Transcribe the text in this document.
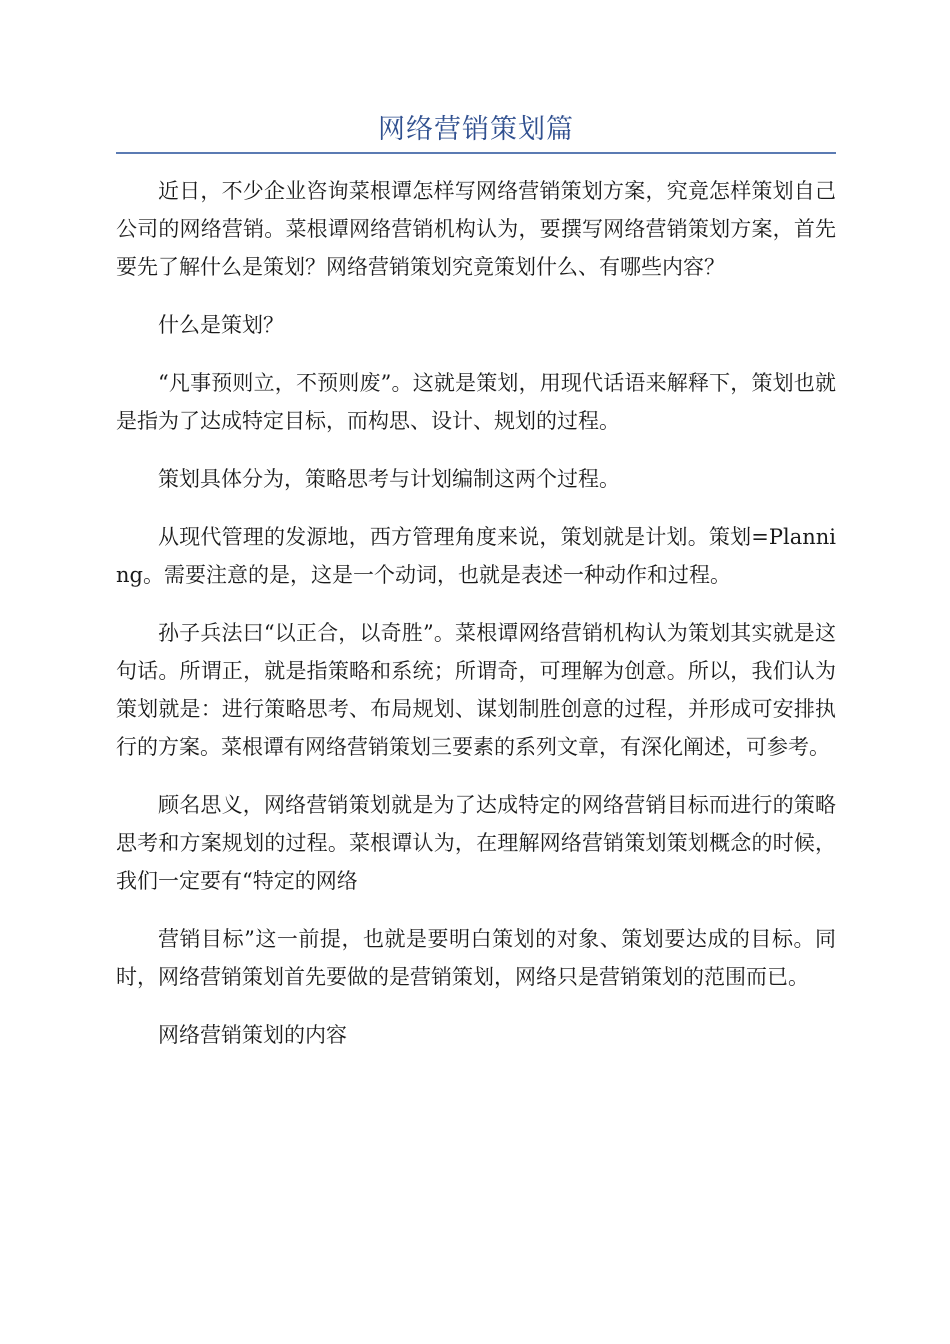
网络营销策划篇

近日，不少企业咨询菜根谭怎样写网络营销策划方案，究竟怎样策划自己公司的网络营销。菜根谭网络营销机构认为，要撰写网络营销策划方案，首先要先了解什么是策划？网络营销策划究竟策划什么、有哪些内容？

什么是策划？

“凡事预则立，不预则废”。这就是策划，用现代话语来解释下，策划也就是指为了达成特定目标，而构思、设计、规划的过程。

策划具体分为，策略思考与计划编制这两个过程。

从现代管理的发源地，西方管理角度来说，策划就是计划。策划=Planning。需要注意的是，这是一个动词，也就是表述一种动作和过程。

孙子兵法曰“以正合，以奇胜”。菜根谭网络营销机构认为策划其实就是这句话。所谓正，就是指策略和系统；所谓奇，可理解为创意。所以，我们认为策划就是：进行策略思考、布局规划、谋划制胜创意的过程，并形成可安排执行的方案。菜根谭有网络营销策划三要素的系列文章，有深化阐述，可参考。

顾名思义，网络营销策划就是为了达成特定的网络营销目标而进行的策略思考和方案规划的过程。菜根谭认为，在理解网络营销策划策划概念的时候，我们一定要有“特定的网络

营销目标”这一前提，也就是要明白策划的对象、策划要达成的目标。同时，网络营销策划首先要做的是营销策划，网络只是营销策划的范围而已。

网络营销策划的内容
